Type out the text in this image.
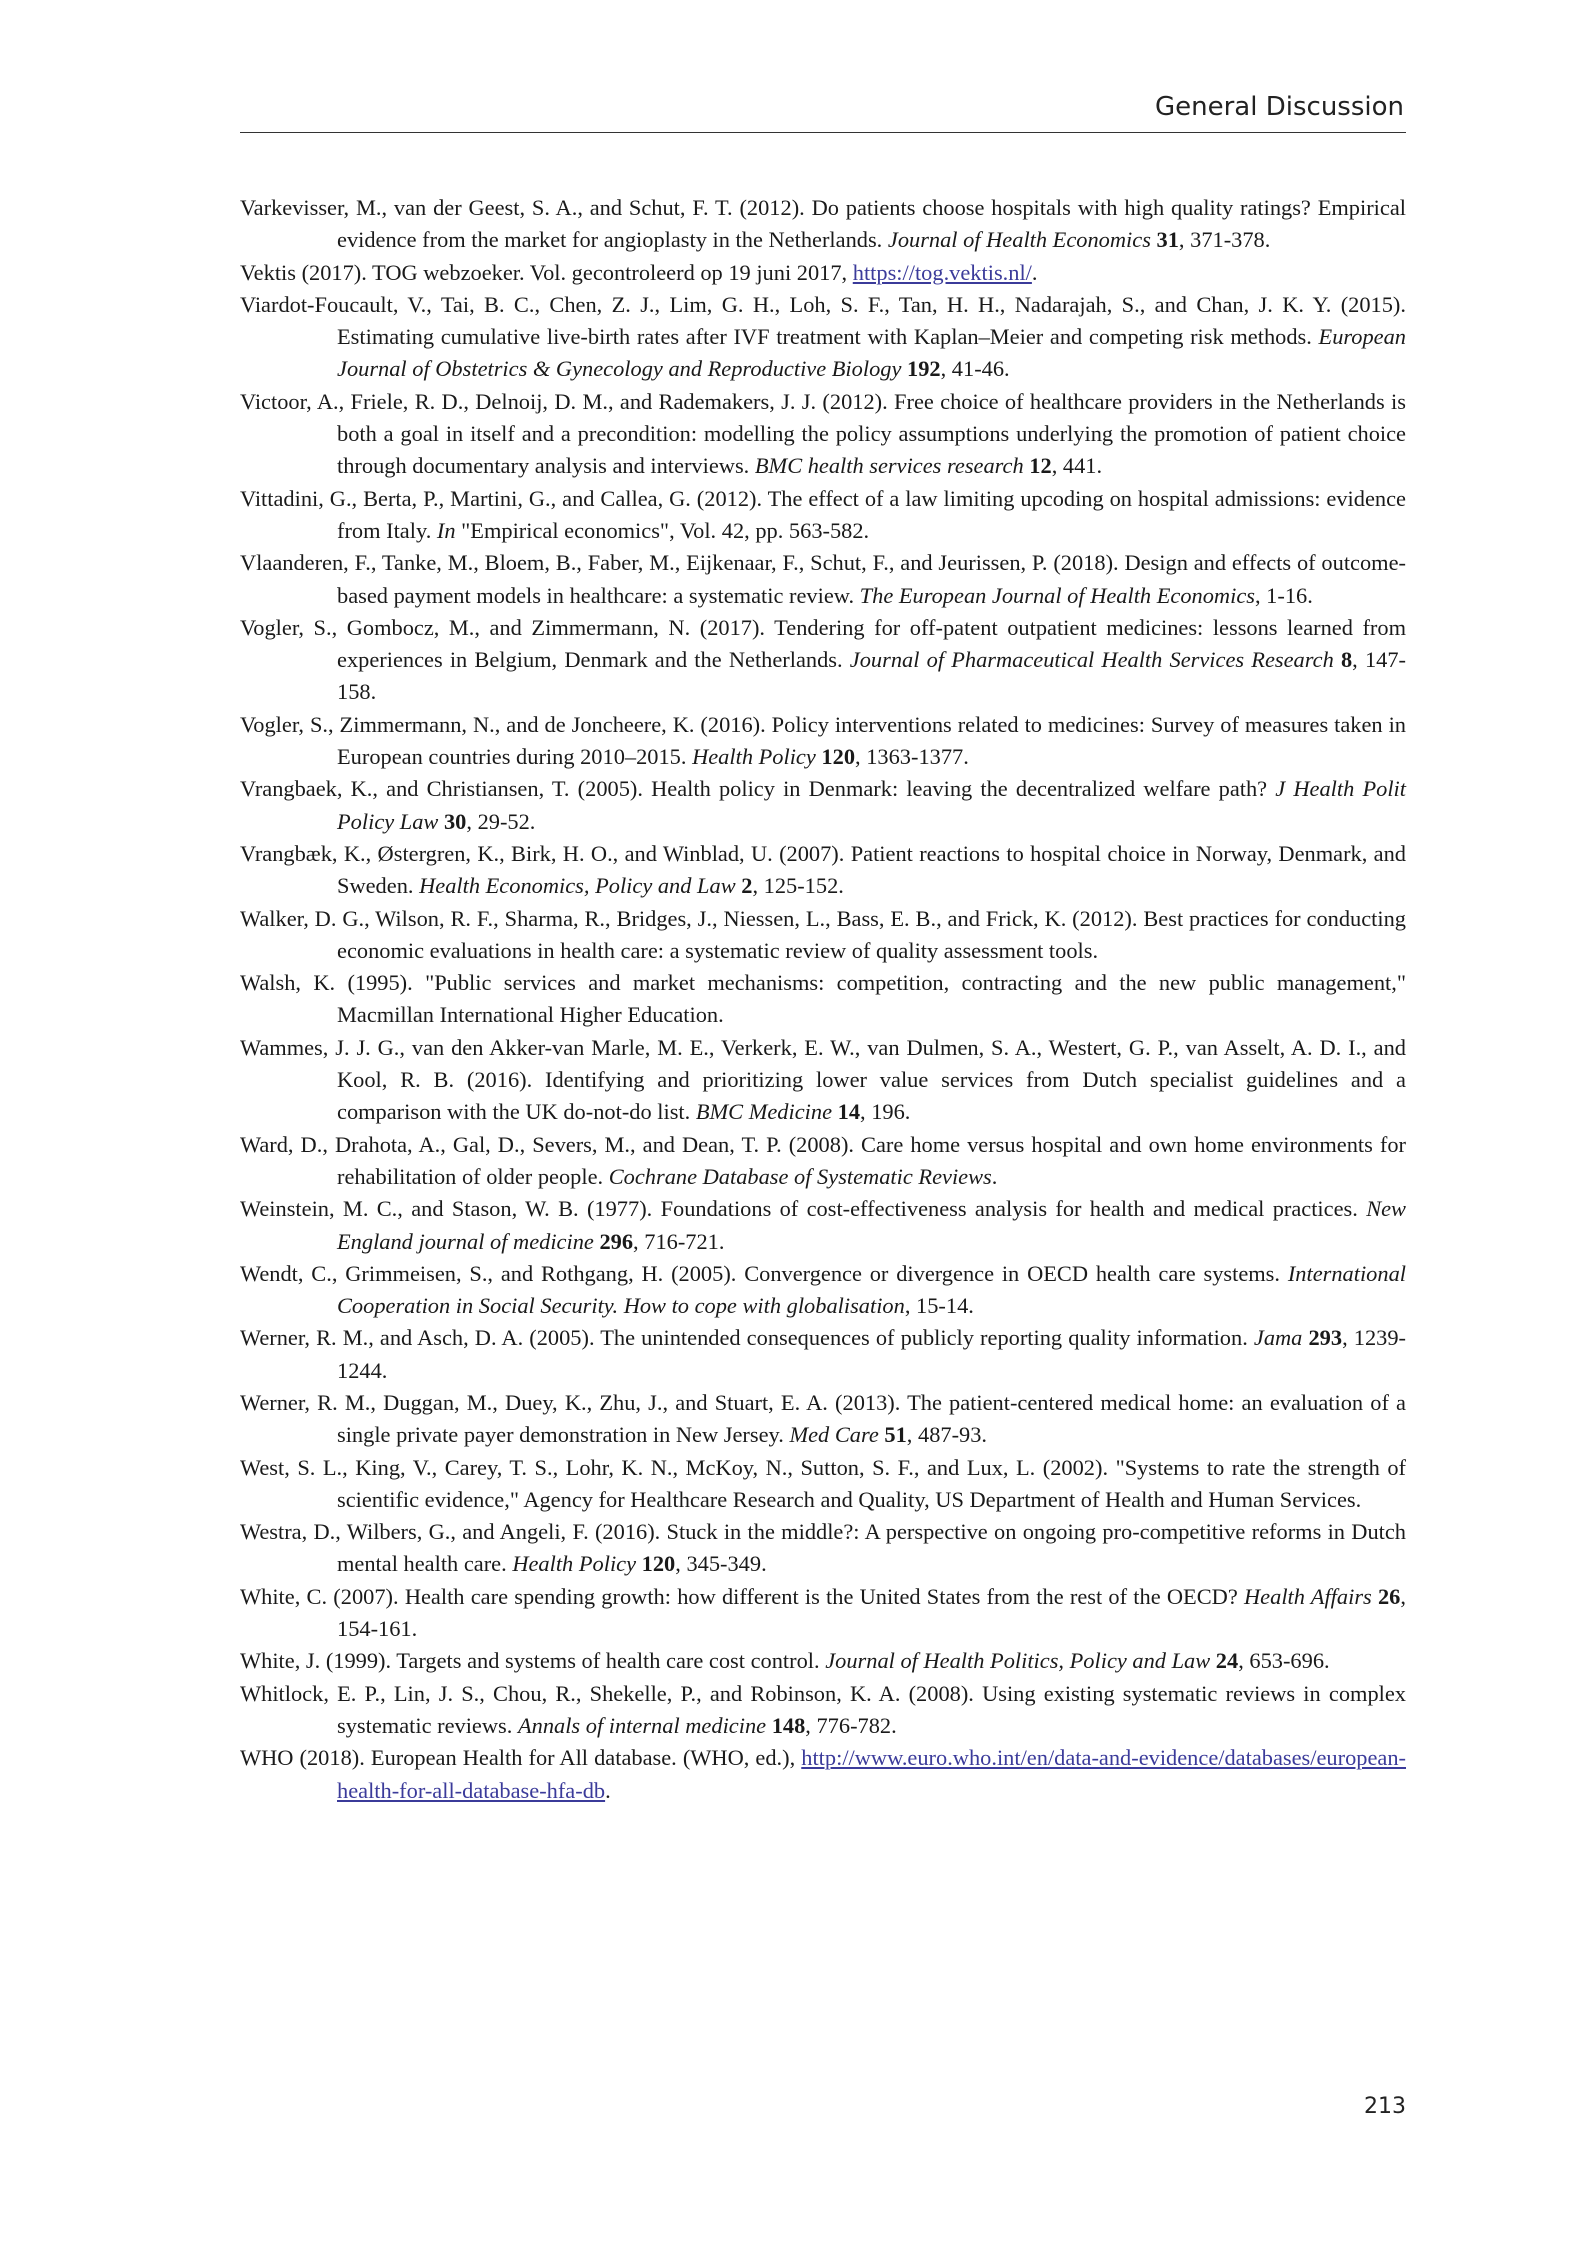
General Discussion
Varkevisser, M., van der Geest, S. A., and Schut, F. T. (2012). Do patients choose hospitals with high quality ratings? Empirical evidence from the market for angioplasty in the Netherlands. Journal of Health Economics 31, 371-378.
Vektis (2017). TOG webzoeker. Vol. gecontroleerd op 19 juni 2017, https://tog.vektis.nl/.
Viardot-Foucault, V., Tai, B. C., Chen, Z. J., Lim, G. H., Loh, S. F., Tan, H. H., Nadarajah, S., and Chan, J. K. Y. (2015). Estimating cumulative live-birth rates after IVF treatment with Kaplan–Meier and competing risk methods. European Journal of Obstetrics & Gynecology and Reproductive Biology 192, 41-46.
Victoor, A., Friele, R. D., Delnoij, D. M., and Rademakers, J. J. (2012). Free choice of healthcare providers in the Netherlands is both a goal in itself and a precondition: modelling the policy assumptions underlying the promotion of patient choice through documentary analysis and interviews. BMC health services research 12, 441.
Vittadini, G., Berta, P., Martini, G., and Callea, G. (2012). The effect of a law limiting upcoding on hospital admissions: evidence from Italy. In "Empirical economics", Vol. 42, pp. 563-582.
Vlaanderen, F., Tanke, M., Bloem, B., Faber, M., Eijkenaar, F., Schut, F., and Jeurissen, P. (2018). Design and effects of outcome-based payment models in healthcare: a systematic review. The European Journal of Health Economics, 1-16.
Vogler, S., Gombocz, M., and Zimmermann, N. (2017). Tendering for off-patent outpatient medicines: lessons learned from experiences in Belgium, Denmark and the Netherlands. Journal of Pharmaceutical Health Services Research 8, 147-158.
Vogler, S., Zimmermann, N., and de Joncheere, K. (2016). Policy interventions related to medicines: Survey of measures taken in European countries during 2010–2015. Health Policy 120, 1363-1377.
Vrangbaek, K., and Christiansen, T. (2005). Health policy in Denmark: leaving the decentralized welfare path? J Health Polit Policy Law 30, 29-52.
Vrangbæk, K., Østergren, K., Birk, H. O., and Winblad, U. (2007). Patient reactions to hospital choice in Norway, Denmark, and Sweden. Health Economics, Policy and Law 2, 125-152.
Walker, D. G., Wilson, R. F., Sharma, R., Bridges, J., Niessen, L., Bass, E. B., and Frick, K. (2012). Best practices for conducting economic evaluations in health care: a systematic review of quality assessment tools.
Walsh, K. (1995). "Public services and market mechanisms: competition, contracting and the new public management," Macmillan International Higher Education.
Wammes, J. J. G., van den Akker-van Marle, M. E., Verkerk, E. W., van Dulmen, S. A., Westert, G. P., van Asselt, A. D. I., and Kool, R. B. (2016). Identifying and prioritizing lower value services from Dutch specialist guidelines and a comparison with the UK do-not-do list. BMC Medicine 14, 196.
Ward, D., Drahota, A., Gal, D., Severs, M., and Dean, T. P. (2008). Care home versus hospital and own home environments for rehabilitation of older people. Cochrane Database of Systematic Reviews.
Weinstein, M. C., and Stason, W. B. (1977). Foundations of cost-effectiveness analysis for health and medical practices. New England journal of medicine 296, 716-721.
Wendt, C., Grimmeisen, S., and Rothgang, H. (2005). Convergence or divergence in OECD health care systems. International Cooperation in Social Security. How to cope with globalisation, 15-14.
Werner, R. M., and Asch, D. A. (2005). The unintended consequences of publicly reporting quality information. Jama 293, 1239-1244.
Werner, R. M., Duggan, M., Duey, K., Zhu, J., and Stuart, E. A. (2013). The patient-centered medical home: an evaluation of a single private payer demonstration in New Jersey. Med Care 51, 487-93.
West, S. L., King, V., Carey, T. S., Lohr, K. N., McKoy, N., Sutton, S. F., and Lux, L. (2002). "Systems to rate the strength of scientific evidence," Agency for Healthcare Research and Quality, US Department of Health and Human Services.
Westra, D., Wilbers, G., and Angeli, F. (2016). Stuck in the middle?: A perspective on ongoing pro-competitive reforms in Dutch mental health care. Health Policy 120, 345-349.
White, C. (2007). Health care spending growth: how different is the United States from the rest of the OECD? Health Affairs 26, 154-161.
White, J. (1999). Targets and systems of health care cost control. Journal of Health Politics, Policy and Law 24, 653-696.
Whitlock, E. P., Lin, J. S., Chou, R., Shekelle, P., and Robinson, K. A. (2008). Using existing systematic reviews in complex systematic reviews. Annals of internal medicine 148, 776-782.
WHO (2018). European Health for All database. (WHO, ed.), http://www.euro.who.int/en/data-and-evidence/databases/european-health-for-all-database-hfa-db.
213
